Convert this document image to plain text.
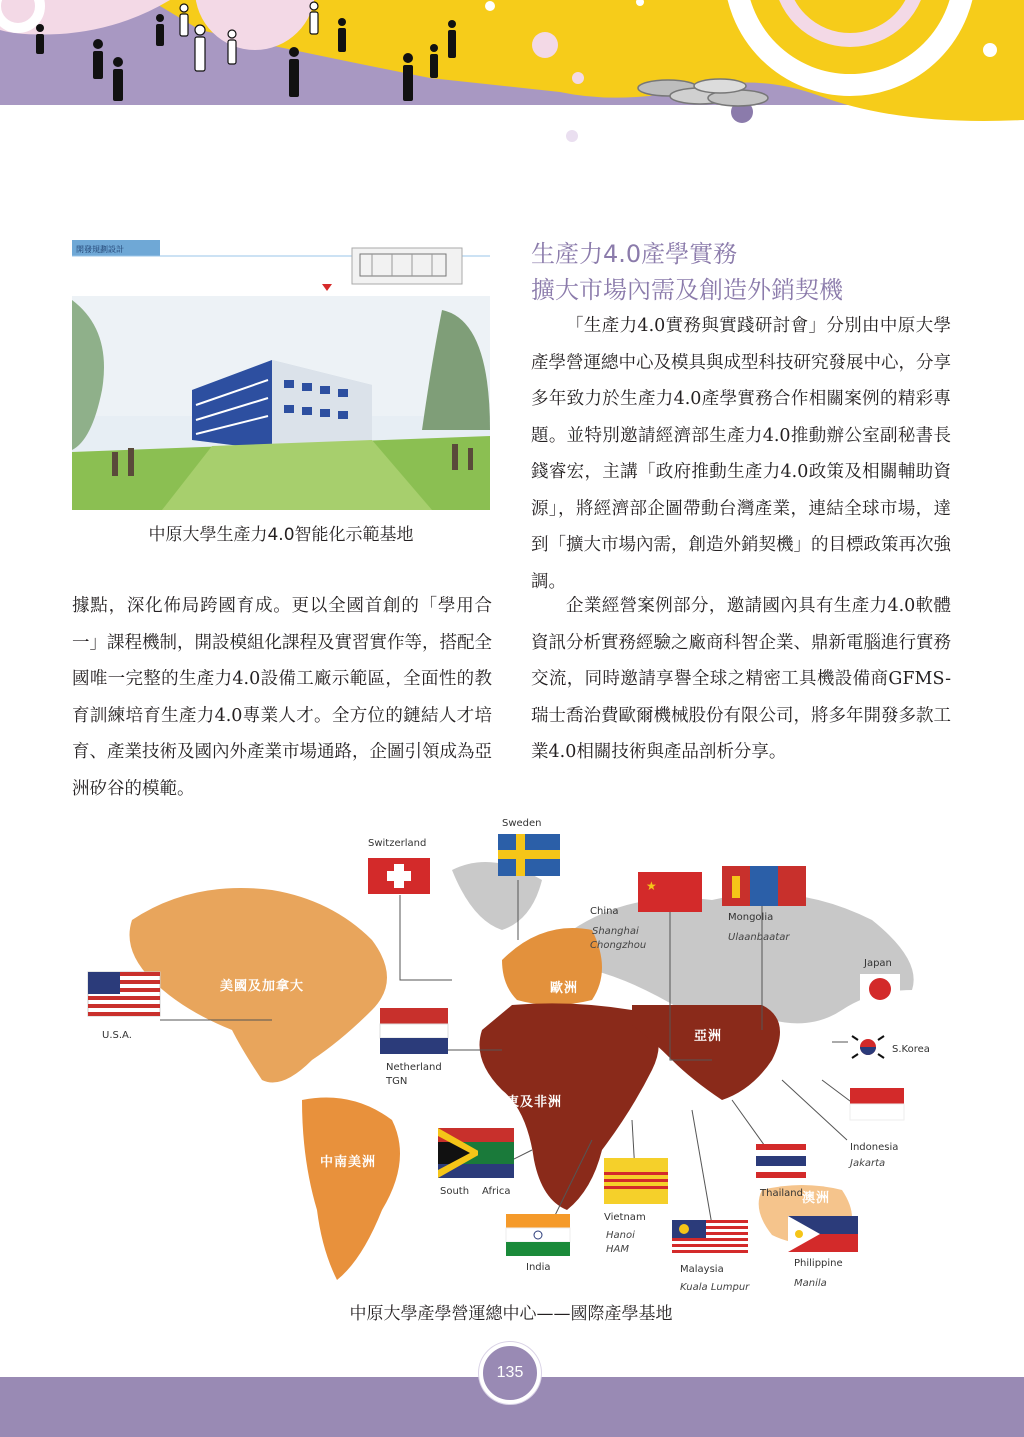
開發規劃設計
中原大學生產力4.0智能化示範基地
生產力4.0產學實務
擴大市場內需及創造外銷契機

「生產力4.0實務與實踐研討會」分別由中原大學產學營運總中心及模具與成型科技研究發展中心，分享多年致力於生產力4.0產學實務合作相關案例的精彩專題。並特別邀請經濟部生產力4.0推動辦公室副秘書長錢睿宏，主講「政府推動生產力4.0政策及相關輔助資源」，將經濟部企圖帶動台灣產業，連結全球市場，達到「擴大市場內需，創造外銷契機」的目標政策再次強調。

企業經營案例部分，邀請國內具有生產力4.0軟體資訊分析實務經驗之廠商科智企業、鼎新電腦進行實務交流，同時邀請享譽全球之精密工具機設備商GFMS-瑞士喬治費歐爾機械股份有限公司，將多年開發多款工業4.0相關技術與產品剖析分享。

據點，深化佈局跨國育成。更以全國首創的「學用合一」課程機制，開設模組化課程及實習實作等，搭配全國唯一完整的生產力4.0設備工廠示範區，全面性的教育訓練培育生產力4.0專業人才。全方位的鏈結人才培育、產業技術及國內外產業市場通路，企圖引領成為亞洲矽谷的模範。

美國及加拿大
中南美洲
歐洲
中東及非洲
亞洲
澳洲
★
U.S.A.
Switzerland
Sweden
Netherland
TGN
China
Shanghai
Chongzhou
Mongolia
Ulaanbaatar
Japan
S.Korea
Indonesia
Jakarta
South Africa
India
Vietnam
Hanoi
HAM
Malaysia
Kuala Lumpur
Thailand
Philippine
Manila
中原大學產學營運總中心——國際產學基地
135
